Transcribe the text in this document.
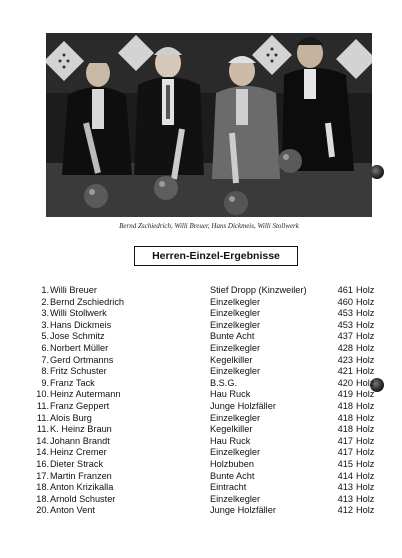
Bernd Zschiedrich, Willi Breuer, Hans Dickmeis, Willi Stollwerk
Herren-Einzel-Ergebnisse
1. Willi Breuer	Stief Dropp (Kinzweiler)	461 Holz
2. Bernd Zschiedrich	Einzelkegler	460 Holz
3. Willi Stollwerk	Einzelkegler	453 Holz
3. Hans Dickmeis	Einzelkegler	453 Holz
5. Jose Schmitz	Bunte Acht	437 Holz
6. Norbert Müller	Einzelkegler	428 Holz
7. Gerd Ortmanns	Kegelkiller	423 Holz
8. Fritz Schuster	Einzelkegler	421 Holz
9. Franz Tack	B.S.G.	420 Holz
10. Heinz Autermann	Hau Ruck	419 Holz
11. Franz Geppert	Junge Holzfäller	418 Holz
11. Alois Burg	Einzelkegler	418 Holz
11. K. Heinz Braun	Kegelkiller	418 Holz
14. Johann Brandt	Hau Ruck	417 Holz
14. Heinz Cremer	Einzelkegler	417 Holz
16. Dieter Strack	Holzbuben	415 Holz
17. Martin Franzen	Bunte Acht	414 Holz
18. Anton Krizikalla	Eintracht	413 Holz
18. Arnold Schuster	Einzelkegler	413 Holz
20. Anton Vent	Junge Holzfäller	412 Holz
